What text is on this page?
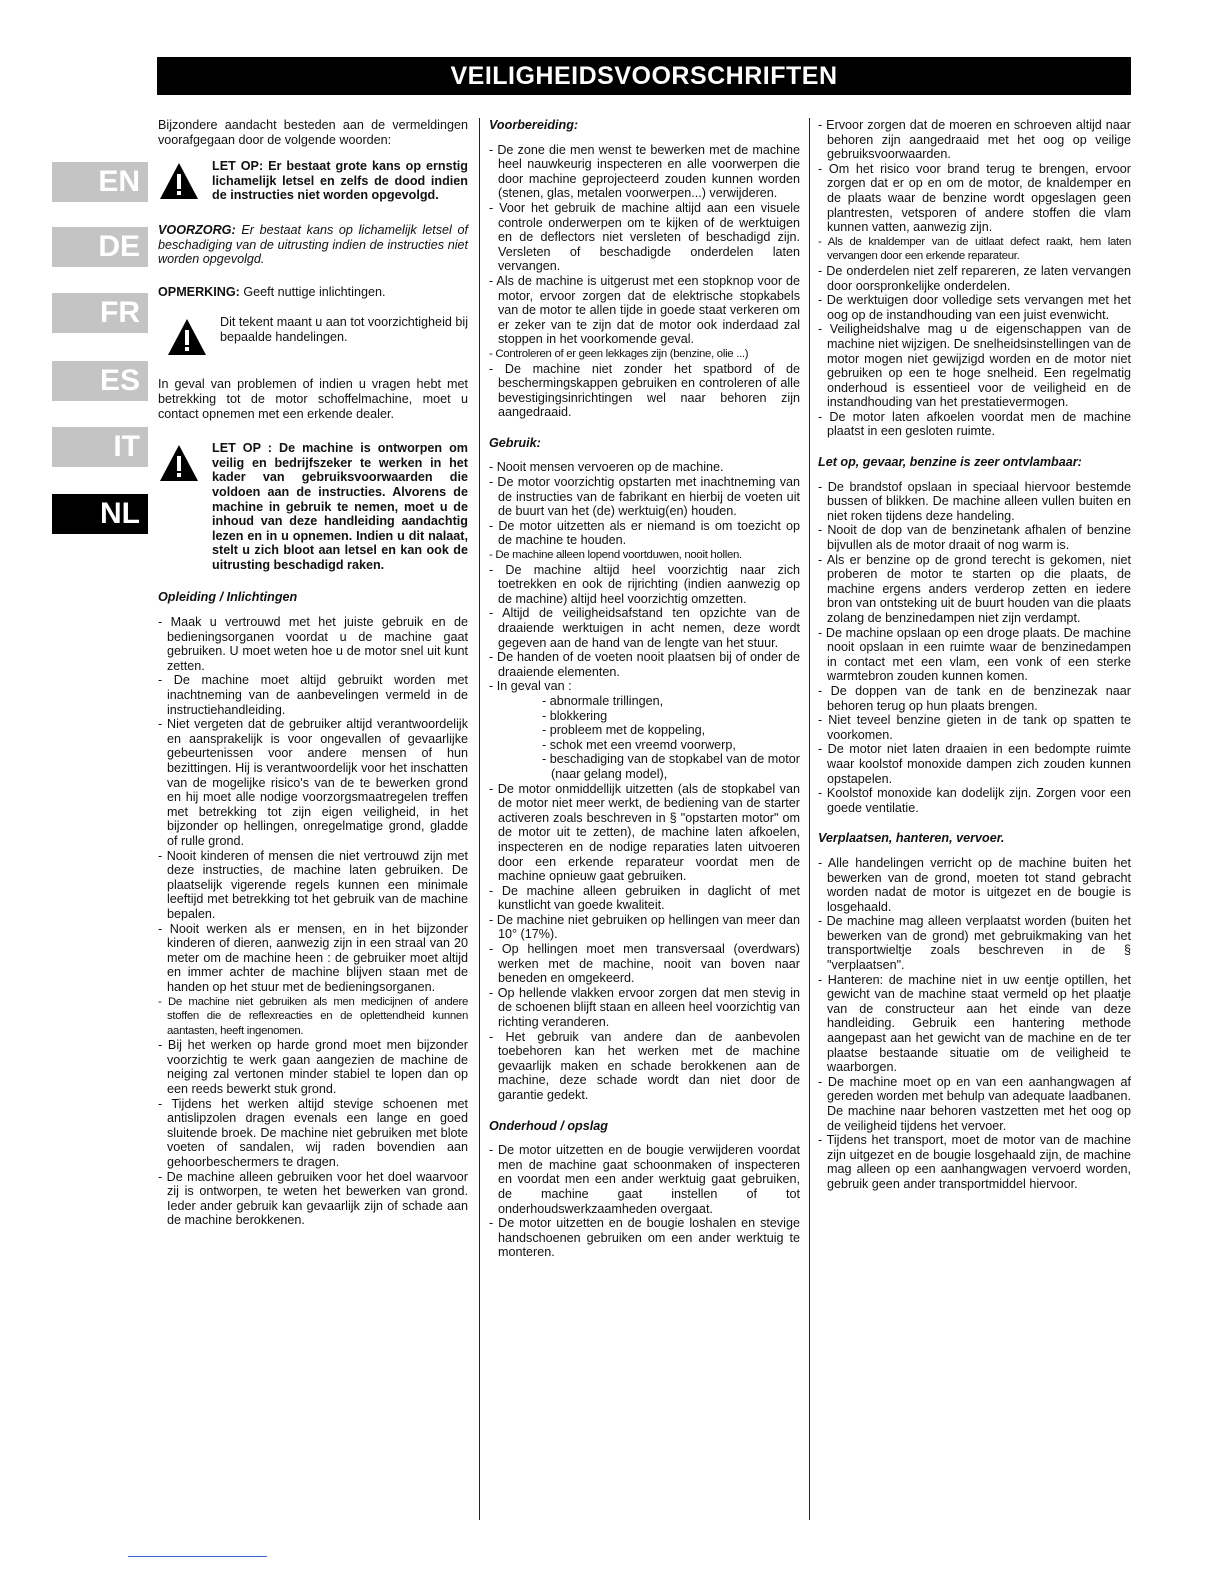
VEILIGHEIDSVOORSCHRIFTEN
EN
DE
FR
ES
IT
NL

Bijzondere aandacht besteden aan de vermeldingen voorafgegaan door de volgende woorden:

LET OP: Er bestaat grote kans op ernstig lichamelijk letsel en zelfs de dood indien de instructies niet worden opgevolgd.

VOORZORG: Er bestaat kans op lichamelijk letsel of beschadiging van de uitrusting indien de instructies niet worden opgevolgd.

OPMERKING: Geeft nuttige inlichtingen.

Dit tekent maant u aan tot voorzichtigheid bij bepaalde handelingen.

In geval van problemen of indien u vragen hebt met betrekking tot de motor schoffelmachine, moet u contact opnemen met een erkende dealer.

LET OP : De machine is ontworpen om veilig en bedrijfszeker te werken in het kader van gebruiksvoorwaarden die voldoen aan de instructies. Alvorens de machine in gebruik te nemen, moet u de inhoud van deze handleiding aandachtig lezen en in u opnemen. Indien u dit nalaat, stelt u zich bloot aan letsel en kan ook de uitrusting beschadigd raken.
Opleiding / Inlichtingen
- Maak u vertrouwd met het juiste gebruik en de bedieningsorganen voordat u de machine gaat gebruiken. U moet weten hoe u de motor snel uit kunt zetten.
- De machine moet altijd gebruikt worden met inachtneming van de aanbevelingen vermeld in de instructiehandleiding.
- Niet vergeten dat de gebruiker altijd verantwoordelijk en aansprakelijk is voor ongevallen of gevaarlijke gebeurtenissen voor andere mensen of hun bezittingen. Hij is verantwoordelijk voor het inschatten van de mogelijke risico's van de te bewerken grond en hij moet alle nodige voorzorgsmaatregelen treffen met betrekking tot zijn eigen veiligheid, in het bijzonder op hellingen, onregelmatige grond, gladde of rulle grond.
- Nooit kinderen of mensen die niet vertrouwd zijn met deze instructies, de machine laten gebruiken. De plaatselijk vigerende regels kunnen een minimale leeftijd met betrekking tot het gebruik van de machine bepalen.
- Nooit werken als er mensen, en in het bijzonder kinderen of dieren, aanwezig zijn in een straal van 20 meter om de machine heen : de gebruiker moet altijd en immer achter de machine blijven staan met de handen op het stuur met de bedieningsorganen.
- De machine niet gebruiken als men medicijnen of andere stoffen die de reflexreacties en de oplettendheid kunnen aantasten, heeft ingenomen.
- Bij het werken op harde grond moet men bijzonder voorzichtig te werk gaan aangezien de machine de neiging zal vertonen minder stabiel te lopen dan op een reeds bewerkt stuk grond.
- Tijdens het werken altijd stevige schoenen met antislipzolen dragen evenals een lange en goed sluitende broek. De machine niet gebruiken met blote voeten of sandalen, wij raden bovendien aan gehoorbeschermers te dragen.
- De machine alleen gebruiken voor het doel waarvoor zij is ontworpen, te weten het bewerken van grond. Ieder ander gebruik kan gevaarlijk zijn of schade aan de machine berokkenen.
Voorbereiding:
- De zone die men wenst te bewerken met de machine heel nauwkeurig inspecteren en alle voorwerpen die door machine geprojecteerd zouden kunnen worden (stenen, glas, metalen voorwerpen...) verwijderen.
- Voor het gebruik de machine altijd aan een visuele controle onderwerpen om te kijken of de werktuigen en de deflectors niet versleten of beschadigd zijn. Versleten of beschadigde onderdelen laten vervangen.
- Als de machine is uitgerust met een stopknop voor de motor, ervoor zorgen dat de elektrische stopkabels van de motor te allen tijde in goede staat verkeren om er zeker van te zijn dat de motor ook inderdaad zal stoppen in het voorkomende geval.
- Controleren of er geen lekkages zijn (benzine, olie ...)
- De machine niet zonder het spatbord of de beschermingskappen gebruiken en controleren of alle bevestigingsinrichtingen wel naar behoren zijn aangedraaid.
Gebruik:
- Nooit mensen vervoeren op de machine.
- De motor voorzichtig opstarten met inachtneming van de instructies van de fabrikant en hierbij de voeten uit de buurt van het (de) werktuig(en) houden.
- De motor uitzetten als er niemand is om toezicht op de machine te houden.
- De machine alleen lopend voortduwen, nooit hollen.
- De machine altijd heel voorzichtig naar zich toetrekken en ook de rijrichting (indien aanwezig op de machine) altijd heel voorzichtig omzetten.
- Altijd de veiligheidsafstand ten opzichte van de draaiende werktuigen in acht nemen, deze wordt gegeven aan de hand van de lengte van het stuur.
- De handen of de voeten nooit plaatsen bij of onder de draaiende elementen.
- In geval van :
- abnormale trillingen,
- blokkering
- probleem met de koppeling,
- schok met een vreemd voorwerp,
- beschadiging van de stopkabel van de motor (naar gelang model),
- De motor onmiddellijk uitzetten (als de stopkabel van de motor niet meer werkt, de bediening van de starter activeren zoals beschreven in § "opstarten motor" om de motor uit te zetten), de machine laten afkoelen, inspecteren en de nodige reparaties laten uitvoeren door een erkende reparateur voordat men de machine opnieuw gaat gebruiken.
- De machine alleen gebruiken in daglicht of met kunstlicht van goede kwaliteit.
- De machine niet gebruiken op hellingen van meer dan 10° (17%).
- Op hellingen moet men transversaal (overdwars) werken met de machine, nooit van boven naar beneden en omgekeerd.
- Op hellende vlakken ervoor zorgen dat men stevig in de schoenen blijft staan en alleen heel voorzichtig van richting veranderen.
- Het gebruik van andere dan de aanbevolen toebehoren kan het werken met de machine gevaarlijk maken en schade berokkenen aan de machine, deze schade wordt dan niet door de garantie gedekt.
Onderhoud / opslag
- De motor uitzetten en de bougie verwijderen voordat men de machine gaat schoonmaken of inspecteren en voordat men een ander werktuig gaat gebruiken, de machine gaat instellen of tot onderhoudswerkzaamheden overgaat.
- De motor uitzetten en de bougie loshalen en stevige handschoenen gebruiken om een ander werktuig te monteren.
- Ervoor zorgen dat de moeren en schroeven altijd naar behoren zijn aangedraaid met het oog op veilige gebruiksvoorwaarden.
- Om het risico voor brand terug te brengen, ervoor zorgen dat er op en om de motor, de knaldemper en de plaats waar de benzine wordt opgeslagen geen plantresten, vetsporen of andere stoffen die vlam kunnen vatten, aanwezig zijn.
- Als de knaldemper van de uitlaat defect raakt, hem laten vervangen door een erkende reparateur.
- De onderdelen niet zelf repareren, ze laten vervangen door oorspronkelijke onderdelen.
- De werktuigen door volledige sets vervangen met het oog op de instandhouding van een juist evenwicht.
- Veiligheidshalve mag u de eigenschappen van de machine niet wijzigen. De snelheidsinstellingen van de motor mogen niet gewijzigd worden en de motor niet gebruiken op een te hoge snelheid. Een regelmatig onderhoud is essentieel voor de veiligheid en de instandhouding van het prestatievermogen.
- De motor laten afkoelen voordat men de machine plaatst in een gesloten ruimte.
Let op, gevaar, benzine is zeer ontvlambaar:
- De brandstof opslaan in speciaal hiervoor bestemde bussen of blikken. De machine alleen vullen buiten en niet roken tijdens deze handeling.
- Nooit de dop van de benzinetank afhalen of benzine bijvullen als de motor draait of nog warm is.
- Als er benzine op de grond terecht is gekomen, niet proberen de motor te starten op die plaats, de machine ergens anders verderop zetten en iedere bron van ontsteking uit de buurt houden van die plaats zolang de benzinedampen niet zijn verdampt.
- De machine opslaan op een droge plaats. De machine nooit opslaan in een ruimte waar de benzinedampen in contact met een vlam, een vonk of een sterke warmtebron zouden kunnen komen.
- De doppen van de tank en de benzinezak naar behoren terug op hun plaats brengen.
- Niet teveel benzine gieten in de tank op spatten te voorkomen.
- De motor niet laten draaien in een bedompte ruimte waar koolstof monoxide dampen zich zouden kunnen opstapelen.
- Koolstof monoxide kan dodelijk zijn. Zorgen voor een goede ventilatie.
Verplaatsen, hanteren, vervoer.
- Alle handelingen verricht op de machine buiten het bewerken van de grond, moeten tot stand gebracht worden nadat de motor is uitgezet en de bougie is losgehaald.
- De machine mag alleen verplaatst worden (buiten het bewerken van de grond) met gebruikmaking van het transportwieltje zoals beschreven in de § "verplaatsen".
- Hanteren: de machine niet in uw eentje optillen, het gewicht van de machine staat vermeld op het plaatje van de constructeur aan het einde van deze handleiding. Gebruik een hantering methode aangepast aan het gewicht van de machine en de ter plaatse bestaande situatie om de veiligheid te waarborgen.
- De machine moet op en van een aanhangwagen af gereden worden met behulp van adequate laadbanen. De machine naar behoren vastzetten met het oog op de veiligheid tijdens het vervoer.
- Tijdens het transport, moet de motor van de machine zijn uitgezet en de bougie losgehaald zijn, de machine mag alleen op een aanhangwagen vervoerd worden, gebruik geen ander transportmiddel hiervoor.
